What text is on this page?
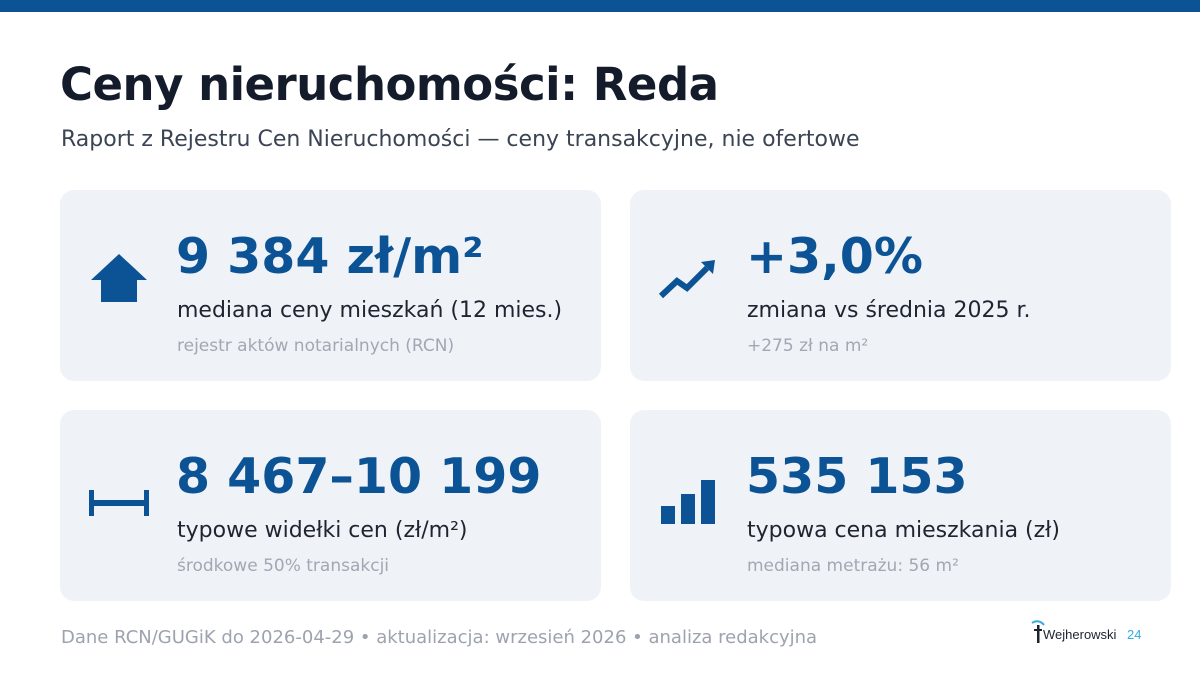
Ceny nieruchomości: Reda

Raport z Rejestru Cen Nieruchomości — ceny transakcyjne, nie ofertowe

9 384 zł/m²
mediana ceny mieszkań (12 mies.)
rejestr aktów notarialnych (RCN)
+3,0%
zmiana vs średnia 2025 r.
+275 zł na m²
8 467–10 199
typowe widełki cen (zł/m²)
środkowe 50% transakcji
535 153
typowa cena mieszkania (zł)
mediana metrażu: 56 m²
Dane RCN/GUGiK do 2026-04-29 • aktualizacja: wrzesień 2026 • analiza redakcyjna	Wejherowski 24
